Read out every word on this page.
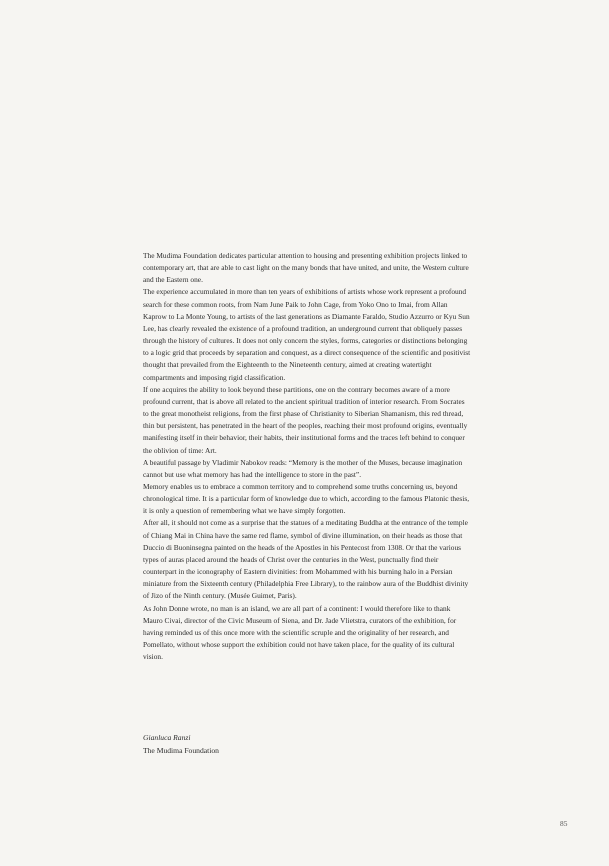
The Mudima Foundation dedicates particular attention to housing and presenting exhibition projects linked to contemporary art, that are able to cast light on the many bonds that have united, and unite, the Western culture and the Eastern one.

The experience accumulated in more than ten years of exhibitions of artists whose work represent a profound search for these common roots, from Nam June Paik to John Cage, from Yoko Ono to Imai, from Allan Kaprow to La Monte Young, to artists of the last generations as Diamante Faraldo, Studio Azzurro or Kyu Sun Lee, has clearly revealed the existence of a profound tradition, an underground current that obliquely passes through the history of cultures. It does not only concern the styles, forms, categories or distinctions belonging to a logic grid that proceeds by separation and conquest, as a direct consequence of the scientific and positivist thought that prevailed from the Eighteenth to the Nineteenth century, aimed at creating watertight compartments and imposing rigid classification.

If one acquires the ability to look beyond these partitions, one on the contrary becomes aware of a more profound current, that is above all related to the ancient spiritual tradition of interior research. From Socrates to the great monotheist religions, from the first phase of Christianity to Siberian Shamanism, this red thread, thin but persistent, has penetrated in the heart of the peoples, reaching their most profound origins, eventually manifesting itself in their behavior, their habits, their institutional forms and the traces left behind to conquer the oblivion of time: Art.

A beautiful passage by Vladimir Nabokov reads: “Memory is the mother of the Muses, because imagination cannot but use what memory has had the intelligence to store in the past”.

Memory enables us to embrace a common territory and to comprehend some truths concerning us, beyond chronological time. It is a particular form of knowledge due to which, according to the famous Platonic thesis, it is only a question of remembering what we have simply forgotten.

After all, it should not come as a surprise that the statues of a meditating Buddha at the entrance of the temple of Chiang Mai in China have the same red flame, symbol of divine illumination, on their heads as those that Duccio di Buoninsegna painted on the heads of the Apostles in his Pentecost from 1308. Or that the various types of auras placed around the heads of Christ over the centuries in the West, punctually find their counterpart in the iconography of Eastern divinities: from Mohammed with his burning halo in a Persian miniature from the Sixteenth century (Philadelphia Free Library), to the rainbow aura of the Buddhist divinity of Jizo of the Ninth century. (Musée Guimet, Paris).

As John Donne wrote, no man is an island, we are all part of a continent: I would therefore like to thank Mauro Civai, director of the Civic Museum of Siena, and Dr. Jade Vlietstra, curators of the exhibition, for having reminded us of this once more with the scientific scruple and the originality of her research, and Pomellato, without whose support the exhibition could not have taken place, for the quality of its cultural vision.

Gianluca Ranzi
The Mudima Foundation
85
